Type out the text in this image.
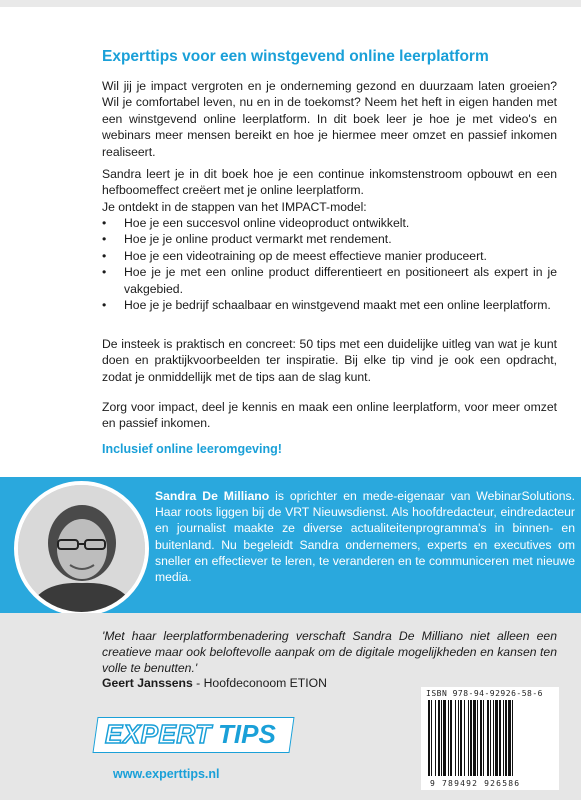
Experttips voor een winstgevend online leerplatform

Wil jij je impact vergroten en je onderneming gezond en duurzaam laten groeien? Wil je comfortabel leven, nu en in de toekomst? Neem het heft in eigen handen met een winstgevend online leerplatform. In dit boek leer je hoe je met video's en webinars meer mensen bereikt en hoe je hiermee meer omzet en passief inkomen realiseert.

Sandra leert je in dit boek hoe je een continue inkomstenstroom opbouwt en een hefboomeffect creëert met je online leerplatform.
Je ontdekt in de stappen van het IMPACT-model:

• Hoe je een succesvol online videoproduct ontwikkelt.
• Hoe je je online product vermarkt met rendement.
• Hoe je een videotraining op de meest effectieve manier produceert.
• Hoe je je met een online product differentieert en positioneert als expert in je vakgebied.
• Hoe je je bedrijf schaalbaar en winstgevend maakt met een online leerplatform.

De insteek is praktisch en concreet: 50 tips met een duidelijke uitleg van wat je kunt doen en praktijkvoorbeelden ter inspiratie. Bij elke tip vind je ook een opdracht, zodat je onmiddellijk met de tips aan de slag kunt.

Zorg voor impact, deel je kennis en maak een online leerplatform, voor meer omzet en passief inkomen.

Inclusief online leeromgeving!

Sandra De Milliano is oprichter en mede-eigenaar van WebinarSolutions. Haar roots liggen bij de VRT Nieuwsdienst. Als hoofdredacteur, eindredacteur en journalist maakte ze diverse actualiteitenprogramma's in binnen- en buitenland. Nu begeleidt Sandra ondernemers, experts en executives om sneller en effectiever te leren, te veranderen en te communiceren met nieuwe media.

'Met haar leerplatformbenadering verschaft Sandra De Milliano niet alleen een creatieve maar ook beloftevolle aanpak om de digitale mogelijkheden en kansen ten volle te benutten.'

Geert Janssens - Hoofdeconoom ETION
EXPERT TIPS
www.experttips.nl
ISBN 978-94-92926-58-6
9 789492 926586
